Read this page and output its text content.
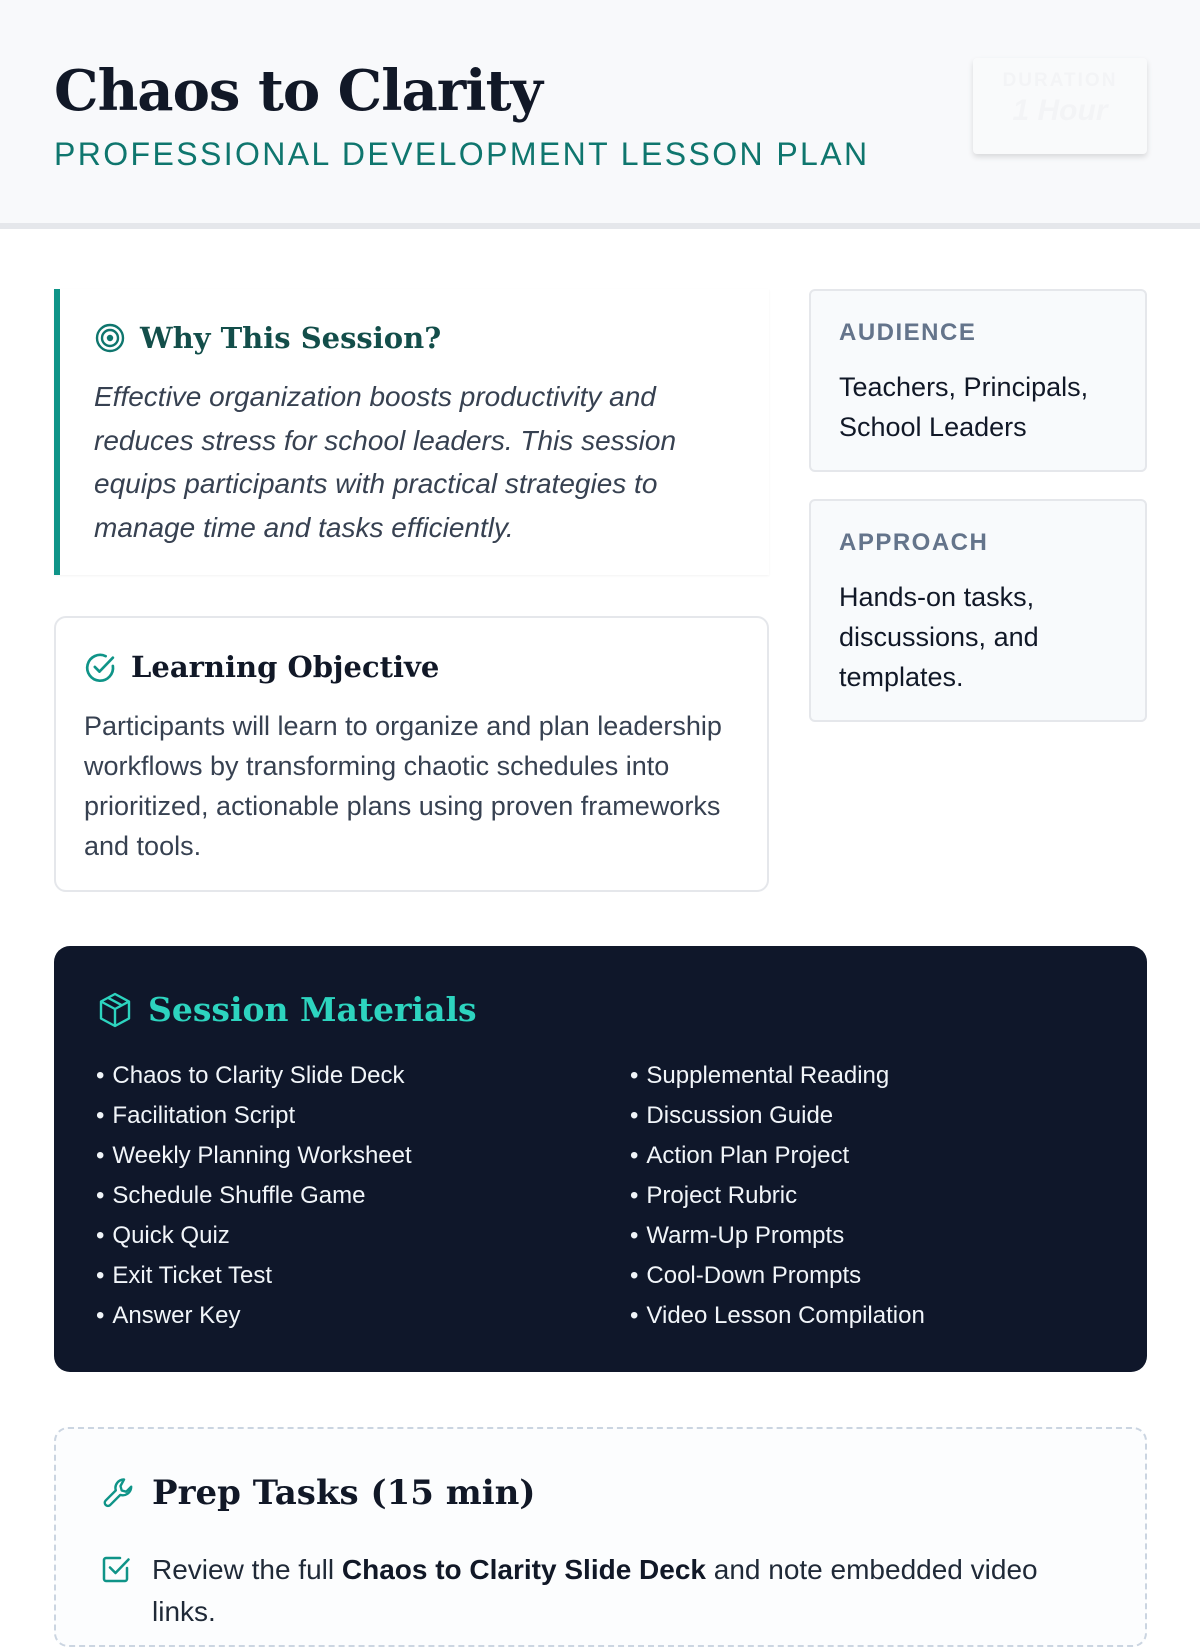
Chaos to Clarity
PROFESSIONAL DEVELOPMENT LESSON PLAN
DURATION
1 Hour
Why This Session?

Effective organization boosts productivity and reduces stress for school leaders. This session equips participants with practical strategies to manage time and tasks efficiently.

Learning Objective

Participants will learn to organize and plan leadership workflows by transforming chaotic schedules into prioritized, actionable plans using proven frameworks and tools.

AUDIENCE
Teachers, Principals, School Leaders
APPROACH
Hands-on tasks, discussions, and templates.
Session Materials
• Chaos to Clarity Slide Deck
• Facilitation Script
• Weekly Planning Worksheet
• Schedule Shuffle Game
• Quick Quiz
• Exit Ticket Test
• Answer Key
• Supplemental Reading
• Discussion Guide
• Action Plan Project
• Project Rubric
• Warm-Up Prompts
• Cool-Down Prompts
• Video Lesson Compilation
Prep Tasks (15 min)

Review the full Chaos to Clarity Slide Deck and note embedded video links.
